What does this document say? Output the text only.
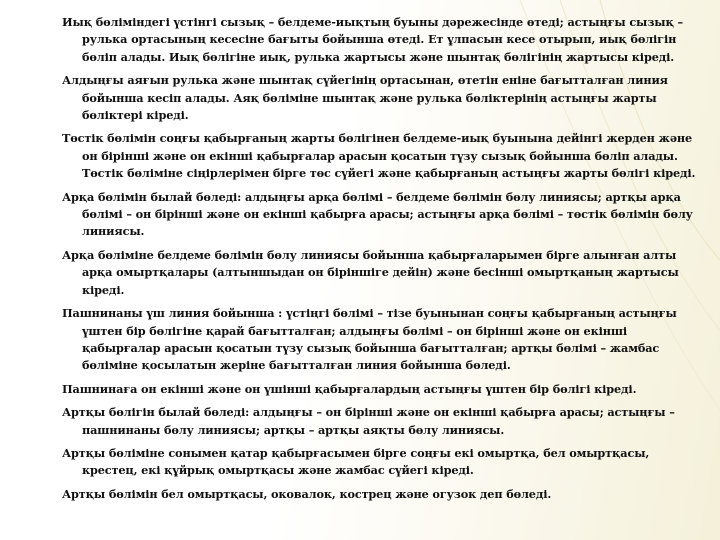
Иық бөліміндегі үстінгі сызық – белдеме-иықтың буыны дәрежесінде өтеді; астыңғы сызық – рулька ортасының кесесіне бағыты бойынша өтеді. Ет ұлпасын кесе отырып, иық бөлігін бөліп алады. Иық бөлігіне иық, рулька жартысы және шынтақ бөлігінің жартысы кіреді.

Алдыңғы аяғын рулька және шынтақ сүйегінің ортасынан, өтетін еніне бағытталған линия бойынша кесіп алады. Аяқ бөліміне шынтақ және рулька бөліктерінің астыңғы жарты бөліктері кіреді.

Төстік бөлімін соңғы қабырғаның жарты бөлігінен белдеме-иық буынына дейінгі жерден және он бірінші және он екінші қабырғалар арасын қосатын түзу сызық бойынша бөліп алады. Төстік бөліміне сіңірлерімен бірге төс сүйегі және қабырғаның астыңғы жарты бөлігі кіреді.

Арқа бөлімін былай бөледі: алдыңғы арқа бөлімі – белдеме бөлімін бөлу линиясы; артқы арқа бөлімі – он бірінші және он екінші қабырға арасы; астыңғы арқа бөлімі – төстік бөлімін бөлу линиясы.

Арқа бөліміне белдеме бөлімін бөлу линиясы бойынша қабырғаларымен бірге алынған алты арқа омыртқалары (алтыншыдан он біріншіге дейін) және бесінші омыртқаның жартысы кіреді.

Пашнинаны үш линия бойынша : үстіңгі бөлімі – тізе буынынан соңғы қабырғаның астыңғы үштен бір бөлігіне қарай бағытталған; алдыңғы бөлімі – он бірінші және он екінші қабырғалар арасын қосатын түзу сызық бойынша бағытталған; артқы бөлімі – жамбас бөліміне қосылатын жеріне бағытталған линия бойынша бөледі.

Пашнинаға он екінші және он үшінші қабырғалардың астыңғы үштен бір бөлігі кіреді.

Артқы бөлігін былай бөледі: алдыңғы – он бірінші және он екінші қабырға арасы; астыңғы – пашнинаны бөлу линиясы; артқы – артқы аяқты бөлу линиясы.

Артқы бөліміне сонымен қатар қабырғасымен бірге соңғы екі омыртқа, бел омыртқасы, крестец, екі құйрық омыртқасы және жамбас сүйегі кіреді.

Артқы бөлімін бел омыртқасы, оковалок, кострец және огузок деп бөледі.
